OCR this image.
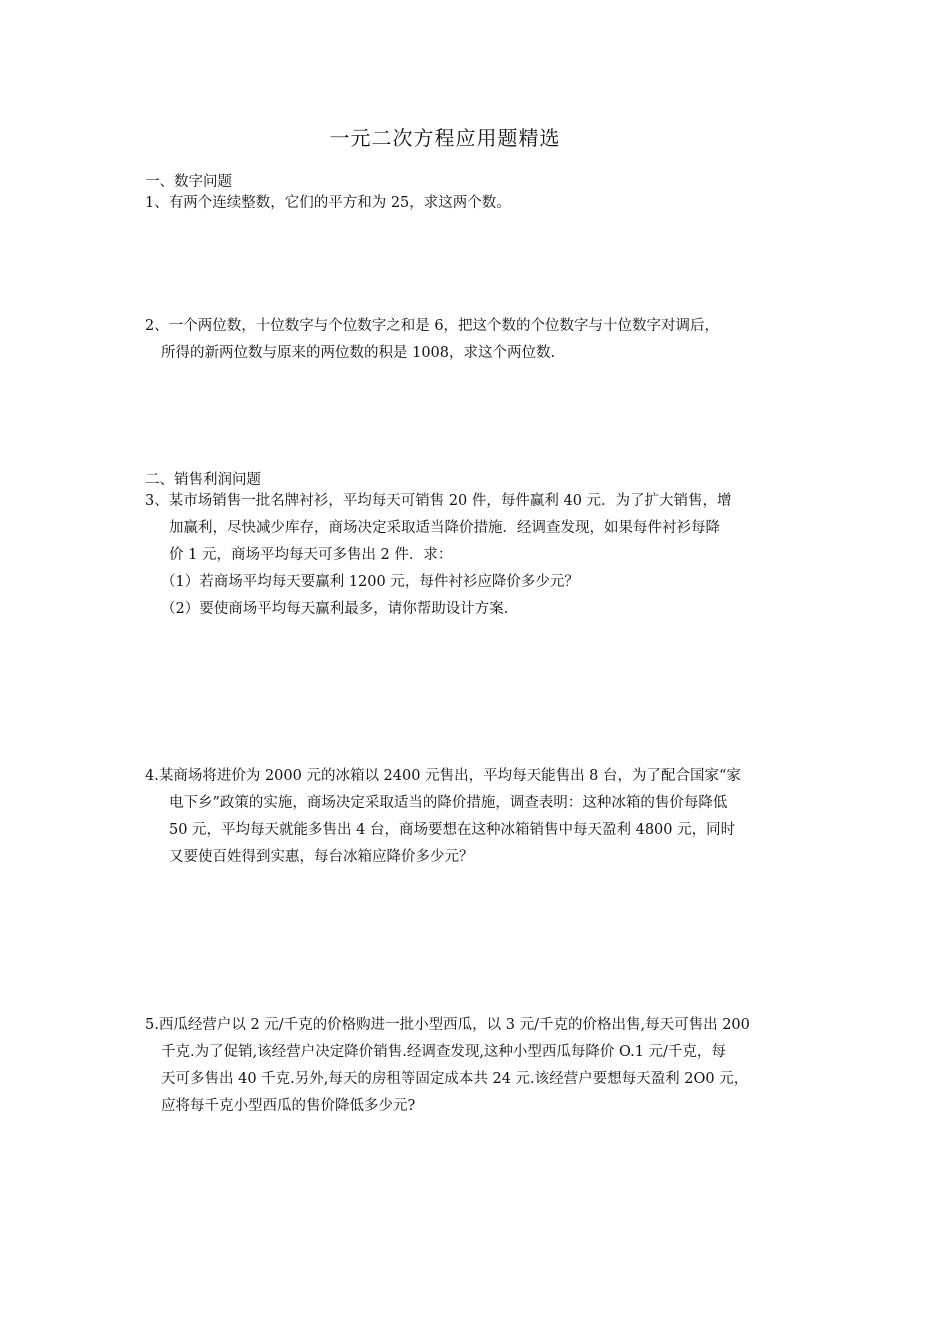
一元二次方程应用题精选
一、数字问题
1、有两个连续整数，它们的平方和为 25，求这两个数。
2、一个两位数，十位数字与个位数字之和是 6，把这个数的个位数字与十位数字对调后，
所得的新两位数与原来的两位数的积是 1008，求这个两位数.
二、销售利润问题
3、某市场销售一批名牌衬衫，平均每天可销售 20 件，每件赢利 40 元．为了扩大销售，增
加赢利，尽快减少库存，商场决定采取适当降价措施．经调查发现，如果每件衬衫每降
价 1 元，商场平均每天可多售出 2 件．求：
（1）若商场平均每天要赢利 1200 元，每件衬衫应降价多少元？
（2）要使商场平均每天赢利最多，请你帮助设计方案.
4.某商场将进价为 2000 元的冰箱以 2400 元售出，平均每天能售出 8 台，为了配合国家“家
电下乡”政策的实施，商场决定采取适当的降价措施，调查表明：这种冰箱的售价每降低
50 元，平均每天就能多售出 4 台，商场要想在这种冰箱销售中每天盈利 4800 元，同时
又要使百姓得到实惠，每台冰箱应降价多少元？
5.西瓜经营户以 2 元/千克的价格购进一批小型西瓜，以 3 元/千克的价格出售,每天可售出 200
千克.为了促销,该经营户决定降价销售.经调查发现,这种小型西瓜每降价 O.1 元/千克，每
天可多售出 40 千克.另外,每天的房租等固定成本共 24 元.该经营户要想每天盈利 2O0 元，
应将每千克小型西瓜的售价降低多少元?
